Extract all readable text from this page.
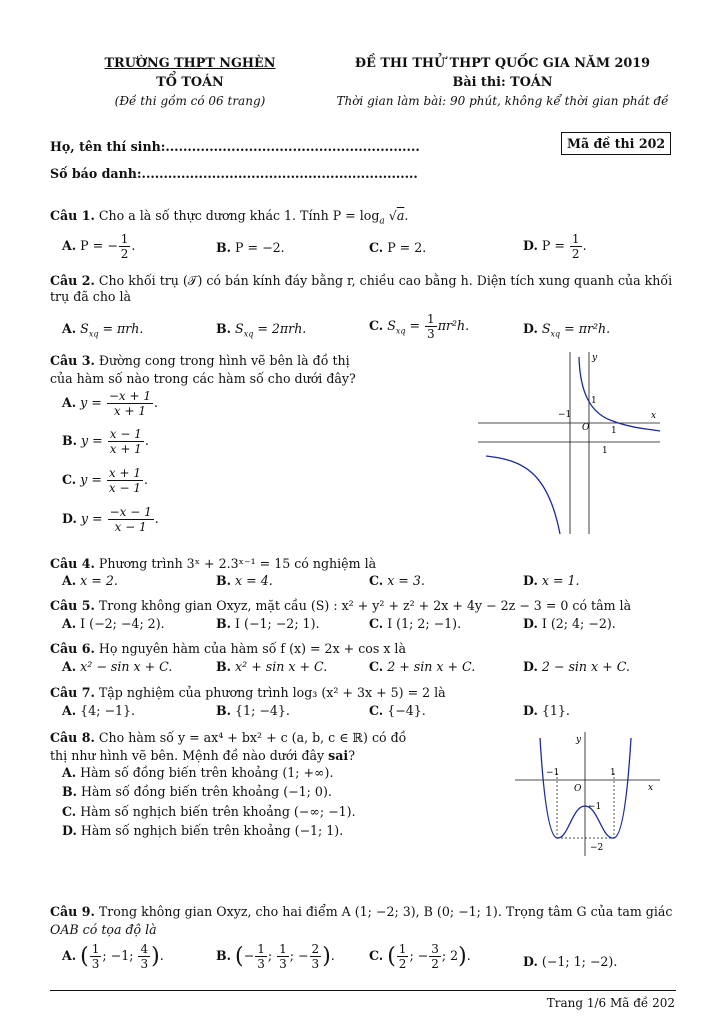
TRƯỜNG THPT NGHÈN
TỔ TOÁN
(Đề thi gồm có 06 trang)
ĐỀ THI THỬ THPT QUỐC GIA NĂM 2019
Bài thi: TOÁN
Thời gian làm bài: 90 phút, không kể thời gian phát đề
Họ, tên thí sinh:..........................................................
Số báo danh:...............................................................
Mã đề thi 202
Câu 1. Cho a là số thực dương khác 1. Tính $P = \log_a √a$.
A. P = − $\frac{1}{2}$ .	B. P = −2.	C. P = 2.	D. $P = \frac{1}{2}$ .
Câu 2. Cho khối trụ (𝒯) có bán kính đáy bằng r, chiều cao bằng h. Diện tích xung quanh của khối
trụ đã cho là
A. $S_{xq} = \pi rh$.	B. $S_{xq} = 2\pi rh$.	C. $S_{xq} = \frac{1}{3} \pi r^2h$.	D. $S_{xq} = \pi r^2h$.
Câu 3. Đường cong trong hình vẽ bên là đồ thị
của hàm số nào trong các hàm số cho dưới đây?
A. $y = \frac{-x + 1}{x + 1}$ .
B. $y = \frac{x - 1}{x + 1}$ .
C. $y = \frac{x + 1}{x - 1}$ .
D. $y = \frac{-x - 1}{x - 1}$ .
−1
O 1
1
1
x
y
Câu 4. Phương trình 3ˣ + 2.3ˣ⁻¹ = 15 có nghiệm là
A. x = 2.	B. x = 4.	C. x = 3.	D. x = 1.
Câu 5. Trong không gian Oxyz, mặt cầu (S) : x² + y² + z² + 2x + 4y − 2z − 3 = 0 có tâm là
A. I (−2; −4; 2).	B. I (−1; −2; 1).	C. I (1; 2; −1).	D. I (2; 4; −2).
Câu 6. Họ nguyên hàm của hàm số f (x) = 2x + cos x là
A. x² − sin x + C.	B. x² + sin x + C.	C. 2 + sin x + C.	D. 2 − sin x + C.
Câu 7. Tập nghiệm của phương trình log₃ (x² + 3x + 5) = 2 là
A. {4; −1}.	B. {1; −4}.	C. {−4}.	D. {1}.
Câu 8. Cho hàm số y = ax⁴ + bx² + c (a, b, c ∈ ℝ) có đồ
thị như hình vẽ bên. Mệnh đề nào dưới đây sai?
A. Hàm số đồng biến trên khoảng (1; +∞).
B. Hàm số đồng biến trên khoảng (−1; 0).
C. Hàm số nghịch biến trên khoảng (−∞; −1).
D. Hàm số nghịch biến trên khoảng (−1; 1).
y
x
−1	1
O
−1
−2
Câu 9. Trong không gian Oxyz, cho hai điểm A (1; −2; 3), B (0; −1; 1). Trọng tâm G của tam giác
OAB có tọa độ là
A. ( $\frac{1}{3}$ ; −1; $\frac{4}{3}$ ).	B. (− $\frac{1}{3}$ ; $\frac{1}{3}$ ; − $\frac{2}{3}$ ).	C. ( $\frac{1}{2}$ ; − $\frac{3}{2}$ ; 2).	D. (−1; 1; −2).
Trang 1/6 Mã đề 202
